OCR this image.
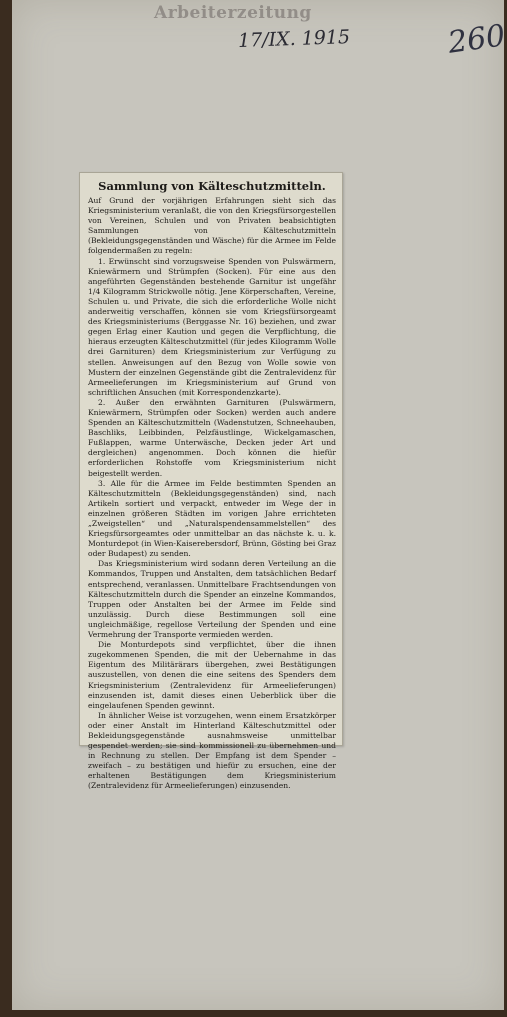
Arbeiterzeitung
17/IX. 1915	260
Sammlung von Kälteschutzmitteln.

Auf Grund der vorjährigen Erfahrungen sieht sich das Kriegsministerium veranlaßt, die von den Kriegsfürsorgestellen von Vereinen, Schulen und von Privaten beabsichtigten Sammlungen von Kälteschutzmitteln (Bekleidungsgegenständen und Wäsche) für die Armee im Felde folgendermaßen zu regeln:

1. Erwünscht sind vorzugsweise Spenden von Pulswärmern, Kniewärmern und Strümpfen (Socken). Für eine aus den angeführten Gegenständen bestehende Garnitur ist ungefähr 1/4 Kilogramm Strickwolle nötig. Jene Körperschaften, Vereine, Schulen u. und Private, die sich die erforderliche Wolle nicht anderweitig verschaffen, können sie vom Kriegsfürsorgeamt des Kriegsministeriums (Berggasse Nr. 16) beziehen, und zwar gegen Erlag einer Kaution und gegen die Verpflichtung, die hieraus erzeugten Kälteschutzmittel (für jedes Kilogramm Wolle drei Garnituren) dem Kriegsministerium zur Verfügung zu stellen. Anweisungen auf den Bezug von Wolle sowie von Mustern der einzelnen Gegenstände gibt die Zentralevidenz für Armeelieferungen im Kriegsministerium auf Grund von schriftlichen Ansuchen (mit Korrespondenzkarte).

2. Außer den erwähnten Garnituren (Pulswärmern, Kniewärmern, Strümpfen oder Socken) werden auch andere Spenden an Kälteschutzmitteln (Wadenstutzen, Schneehauben, Baschliks, Leibbinden, Pelzfäustlinge, Wickelgamaschen, Fußlappen, warme Unterwäsche, Decken jeder Art und dergleichen) angenommen. Doch können die hiefür erforderlichen Rohstoffe vom Kriegsministerium nicht beigestellt werden.

3. Alle für die Armee im Felde bestimmten Spenden an Kälteschutzmitteln (Bekleidungsgegenständen) sind, nach Artikeln sortiert und verpackt, entweder im Wege der in einzelnen größeren Städten im vorigen Jahre errichteten „Zweigstellen“ und „Naturalspendensammelstellen“ des Kriegsfürsorgeamtes oder unmittelbar an das nächste k. u. k. Monturdepot (in Wien-Kaiserebersdorf, Brünn, Gösting bei Graz oder Budapest) zu senden.

Das Kriegsministerium wird sodann deren Verteilung an die Kommandos, Truppen und Anstalten, dem tatsächlichen Bedarf entsprechend, veranlassen. Unmittelbare Frachtsendungen von Kälteschutzmitteln durch die Spender an einzelne Kommandos, Truppen oder Anstalten bei der Armee im Felde sind unzulässig. Durch diese Bestimmungen soll eine ungleichmäßige, regellose Verteilung der Spenden und eine Vermehrung der Transporte vermieden werden.

Die Monturdepots sind verpflichtet, über die ihnen zugekommenen Spenden, die mit der Uebernahme in das Eigentum des Militärärars übergehen, zwei Bestätigungen auszustellen, von denen die eine seitens des Spenders dem Kriegsministerium (Zentralevidenz für Armeelieferungen) einzusenden ist, damit dieses einen Ueberblick über die eingelaufenen Spenden gewinnt.

In ähnlicher Weise ist vorzugehen, wenn einem Ersatzkörper oder einer Anstalt im Hinterland Kälteschutzmittel oder Bekleidungsgegenstände ausnahmsweise unmittelbar gespendet werden; sie sind kommissionell zu übernehmen und in Rechnung zu stellen. Der Empfang ist dem Spender – zweifach – zu bestätigen und hiefür zu ersuchen, eine der erhaltenen Bestätigungen dem Kriegsministerium (Zentralevidenz für Armeelieferungen) einzusenden.
